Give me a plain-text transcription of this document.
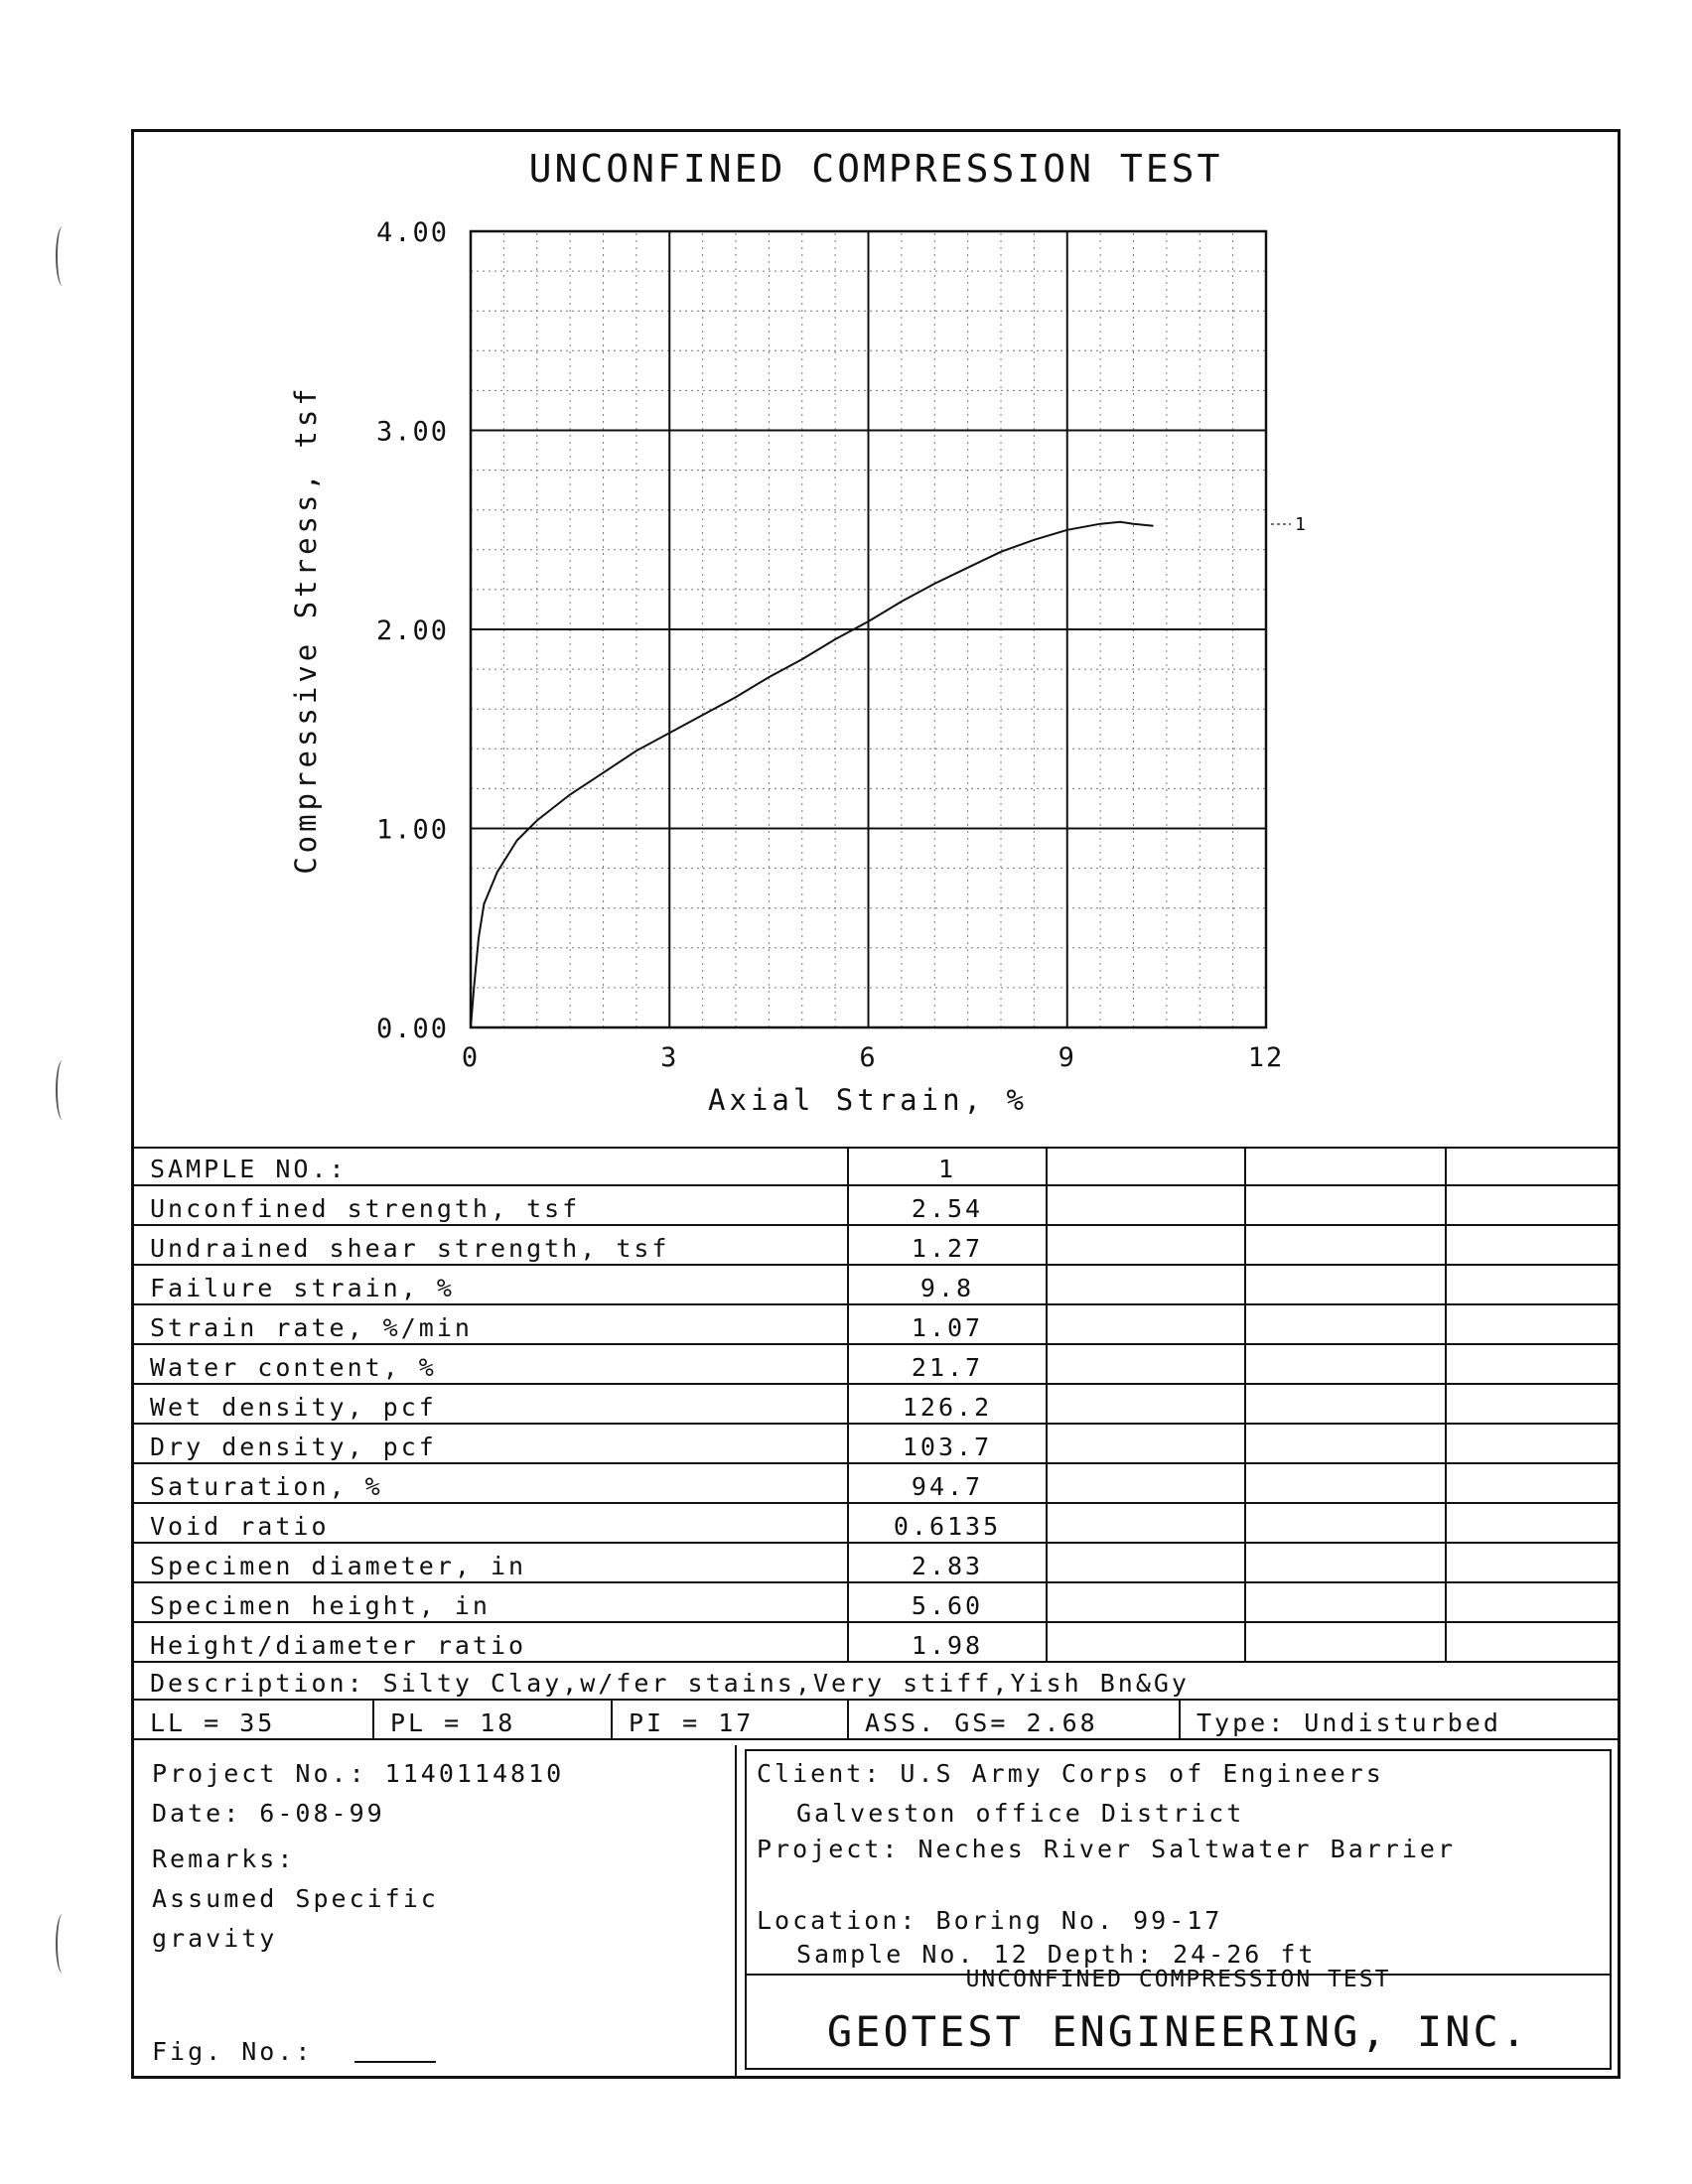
UNCONFINED COMPRESSION TEST
0.00
1.00
2.00
3.00
4.00
0	3	6	9	12
1
Axial Strain, %
Compressive Stress, tsf
SAMPLE NO.:	1
Unconfined strength, tsf	2.54
Undrained shear strength, tsf	1.27
Failure strain, %	9.8
Strain rate, %/min	1.07
Water content, %	21.7
Wet density, pcf	126.2
Dry density, pcf	103.7
Saturation, %	94.7
Void ratio	0.6135
Specimen diameter, in	2.83
Specimen height, in	5.60
Height/diameter ratio	1.98
Description: Silty Clay,w/fer stains,Very stiff,Yish Bn&Gy
LL = 35	PL = 18	PI = 17	ASS. GS= 2.68	Type: Undisturbed
Project No.: 1140114810
Date: 6-08-99
Remarks:
Assumed Specific
gravity
Fig. No.:
Client: U.S Army Corps of Engineers
Galveston office District
Project: Neches River Saltwater Barrier
Location: Boring No. 99-17
Sample No. 12 Depth: 24-26 ft
UNCONFINED COMPRESSION TEST
GEOTEST ENGINEERING, INC.
